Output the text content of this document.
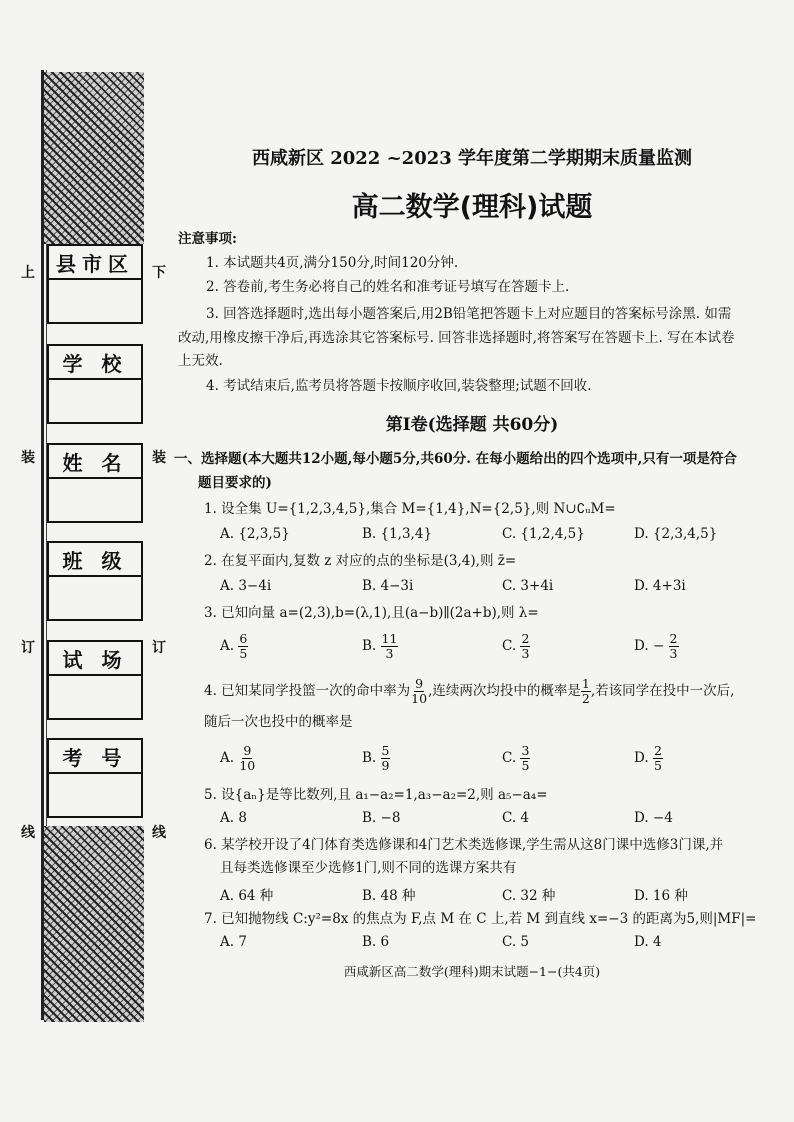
县市区
学 校
姓 名
班 级
试 场
考 号
上
装
订
线
下
装
订
线
西咸新区 2022 ~2023 学年度第二学期期末质量监测
高二数学(理科)试题
注意事项:
1. 本试题共4页,满分150分,时间120分钟.
2. 答卷前,考生务必将自己的姓名和准考证号填写在答题卡上.
3. 回答选择题时,选出每小题答案后,用2B铅笔把答题卡上对应题目的答案标号涂黑. 如需
改动,用橡皮擦干净后,再选涂其它答案标号. 回答非选择题时,将答案写在答题卡上. 写在本试卷
上无效.
4. 考试结束后,监考员将答题卡按顺序收回,装袋整理;试题不回收.
第Ⅰ卷(选择题 共60分)
一、选择题(本大题共12小题,每小题5分,共60分. 在每小题给出的四个选项中,只有一项是符合
题目要求的)
1. 设全集 U={1,2,3,4,5},集合 M={1,4},N={2,5},则 N∪∁ᵤM=
A. {2,3,5}	B. {1,3,4}	C. {1,2,4,5}	D. {2,3,4,5}
2. 在复平面内,复数 z 对应的点的坐标是(3,4),则 z̄=
A. 3−4i	B. 4−3i	C. 3+4i	D. 4+3i
3. 已知向量 a=(2,3),b=(λ,1),且(a−b)∥(2a+b),则 λ=
A. $\frac{6}{5}$	B. $\frac{11}{3}$	C. $\frac{2}{3}$	D. − $\frac{2}{3}$
4. 已知某同学投篮一次的命中率为 $\frac{9}{10}$ ,连续两次均投中的概率是 $\frac{1}{2}$ ,若该同学在投中一次后,
随后一次也投中的概率是
A. $\frac{9}{10}$	B. $\frac{5}{9}$	C. $\frac{3}{5}$	D. $\frac{2}{5}$
5. 设{aₙ}是等比数列,且 a₁−a₂=1,a₃−a₂=2,则 a₅−a₄=
A. 8	B. −8	C. 4	D. −4
6. 某学校开设了4门体育类选修课和4门艺术类选修课,学生需从这8门课中选修3门课,并
且每类选修课至少选修1门,则不同的选课方案共有
A. 64 种	B. 48 种	C. 32 种	D. 16 种
7. 已知抛物线 C:y²=8x 的焦点为 F,点 M 在 C 上,若 M 到直线 x=−3 的距离为5,则|MF|=
A. 7	B. 6	C. 5	D. 4
西咸新区高二数学(理科)期末试题−1−(共4页)
